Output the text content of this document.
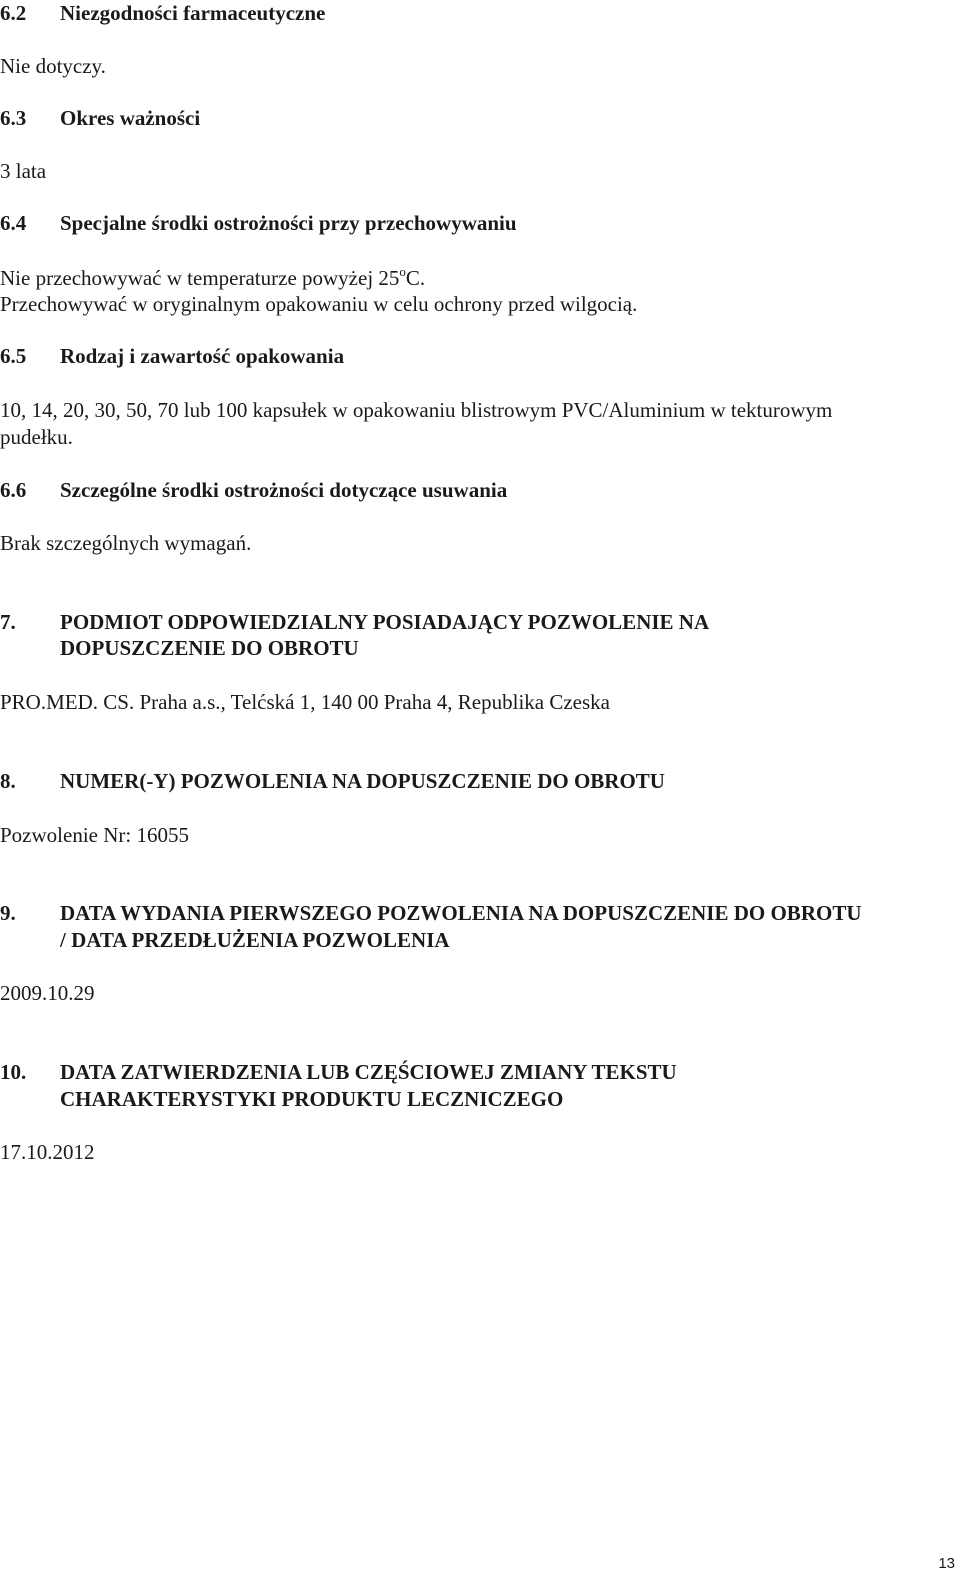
6.2 Niezgodności farmaceutyczne
Nie dotyczy.
6.3 Okres ważności
3 lata
6.4 Specjalne środki ostrożności przy przechowywaniu
Nie przechowywać w temperaturze powyżej 25$^o$C.
Przechowywać w oryginalnym opakowaniu w celu ochrony przed wilgocią.
6.5 Rodzaj i zawartość opakowania
10, 14, 20, 30, 50, 70 lub 100 kapsułek w opakowaniu blistrowym PVC/Aluminium w tekturowym
pudełku.
6.6 Szczególne środki ostrożności dotyczące usuwania
Brak szczególnych wymagań.
7. PODMIOT ODPOWIEDZIALNY POSIADAJĄCY POZWOLENIE NA
DOPUSZCZENIE DO OBROTU
PRO.MED. CS. Praha a.s., Telćská 1, 140 00 Praha 4, Republika Czeska
8. NUMER(-Y) POZWOLENIA NA DOPUSZCZENIE DO OBROTU
Pozwolenie Nr: 16055
9. DATA WYDANIA PIERWSZEGO POZWOLENIA NA DOPUSZCZENIE DO OBROTU
/ DATA PRZEDŁUŻENIA POZWOLENIA
2009.10.29
10. DATA ZATWIERDZENIA LUB CZĘŚCIOWEJ ZMIANY TEKSTU
CHARAKTERYSTYKI PRODUKTU LECZNICZEGO
17.10.2012
13
